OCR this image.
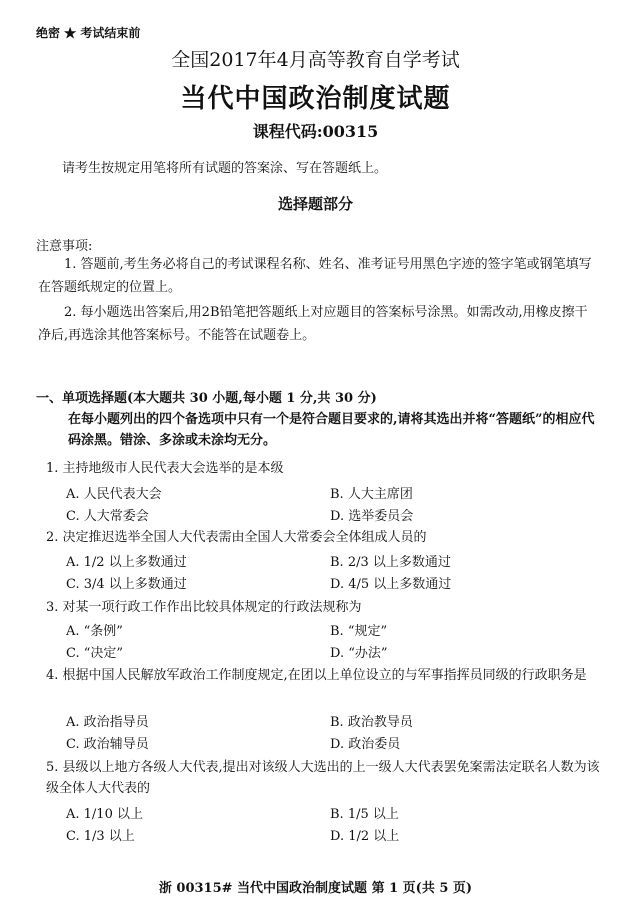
绝密 ★ 考试结束前
全国2017年4月高等教育自学考试
当代中国政治制度试题
课程代码:00315
请考生按规定用笔将所有试题的答案涂、写在答题纸上。
选择题部分
注意事项:
1. 答题前,考生务必将自己的考试课程名称、姓名、准考证号用黑色字迹的签字笔或钢笔填写在答题纸规定的位置上。
2. 每小题选出答案后,用2B铅笔把答题纸上对应题目的答案标号涂黑。如需改动,用橡皮擦干净后,再选涂其他答案标号。不能答在试题卷上。
一、单项选择题(本大题共 30 小题,每小题 1 分,共 30 分)
在每小题列出的四个备选项中只有一个是符合题目要求的,请将其选出并将“答题纸”的相应代码涂黑。错涂、多涂或未涂均无分。
1. 主持地级市人民代表大会选举的是本级
A. 人民代表大会	B. 人大主席团
C. 人大常委会	D. 选举委员会
2. 决定推迟选举全国人大代表需由全国人大常委会全体组成人员的
A. 1/2 以上多数通过	B. 2/3 以上多数通过
C. 3/4 以上多数通过	D. 4/5 以上多数通过
3. 对某一项行政工作作出比较具体规定的行政法规称为
A. “条例”	B. “规定”
C. “决定”	D. “办法”
4. 根据中国人民解放军政治工作制度规定,在团以上单位设立的与军事指挥员同级的行政职务是
A. 政治指导员	B. 政治教导员
C. 政治辅导员	D. 政治委员
5. 县级以上地方各级人大代表,提出对该级人大选出的上一级人大代表罢免案需法定联名人数为该级全体人大代表的
A. 1/10 以上	B. 1/5 以上
C. 1/3 以上	D. 1/2 以上
浙 00315# 当代中国政治制度试题 第 1 页(共 5 页)
